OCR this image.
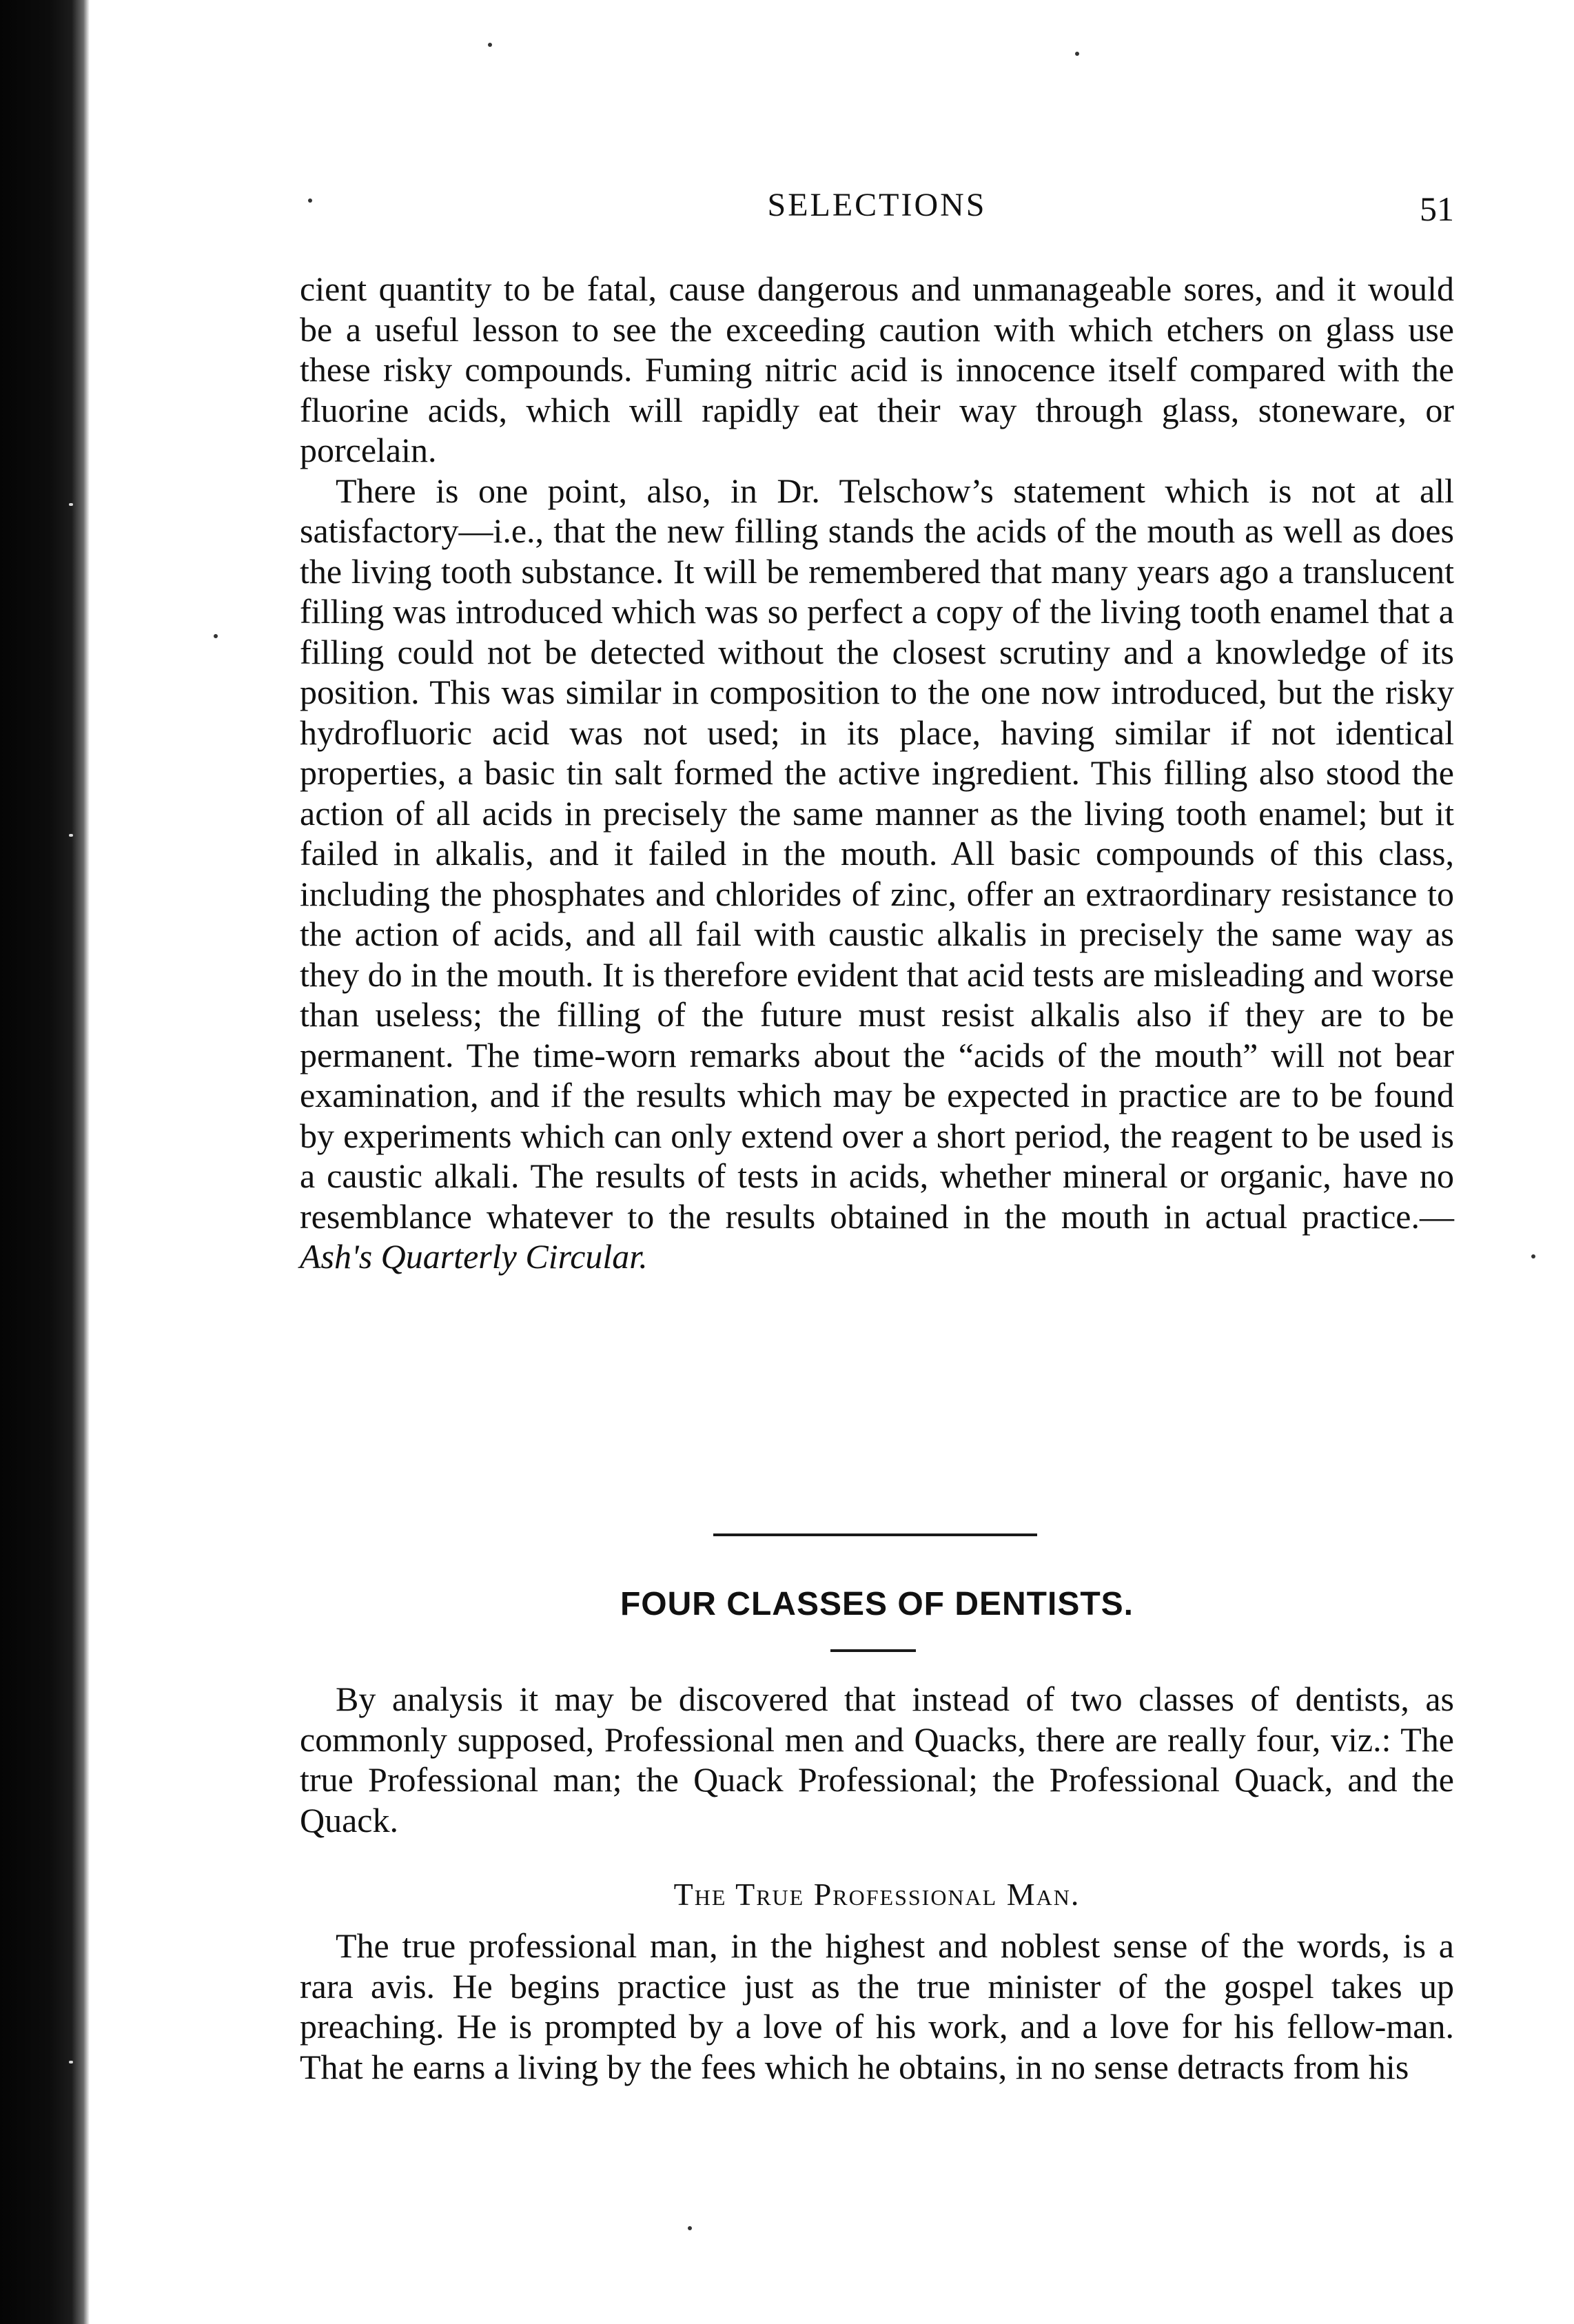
SELECTIONS	51

cient quantity to be fatal, cause dangerous and unmanageable sores, and it would be a useful lesson to see the exceeding caution with which etchers on glass use these risky compounds. Fuming nitric acid is innocence itself compared with the fluorine acids, which will rapidly eat their way through glass, stoneware, or porcelain.

There is one point, also, in Dr. Telschow’s statement which is not at all satisfactory—i.e., that the new filling stands the acids of the mouth as well as does the living tooth substance. It will be remembered that many years ago a translucent filling was introduced which was so perfect a copy of the living tooth enamel that a filling could not be detected without the closest scrutiny and a knowledge of its position. This was similar in composition to the one now introduced, but the risky hydrofluoric acid was not used; in its place, having similar if not identical properties, a basic tin salt formed the active ingredient. This filling also stood the action of all acids in precisely the same manner as the living tooth enamel; but it failed in alkalis, and it failed in the mouth. All basic compounds of this class, including the phosphates and chlorides of zinc, offer an extraordinary resistance to the action of acids, and all fail with caustic alkalis in precisely the same way as they do in the mouth. It is therefore evident that acid tests are misleading and worse than useless; the filling of the future must resist alkalis also if they are to be permanent. The time-worn remarks about the “acids of the mouth” will not bear examination, and if the results which may be expected in practice are to be found by experiments which can only extend over a short period, the reagent to be used is a caustic alkali. The results of tests in acids, whether mineral or organic, have no resemblance whatever to the results obtained in the mouth in actual practice.—Ash's Quarterly Circular.

FOUR CLASSES OF DENTISTS.
By analysis it may be discovered that instead of two classes of dentists, as commonly supposed, Professional men and Quacks, there are really four, viz.: The true Professional man; the Quack Professional; the Professional Quack, and the Quack.
The True Professional Man.
The true professional man, in the highest and noblest sense of the words, is a rara avis. He begins practice just as the true minister of the gospel takes up preaching. He is prompted by a love of his work, and a love for his fellow-man. That he earns a living by the fees which he obtains, in no sense detracts from his
